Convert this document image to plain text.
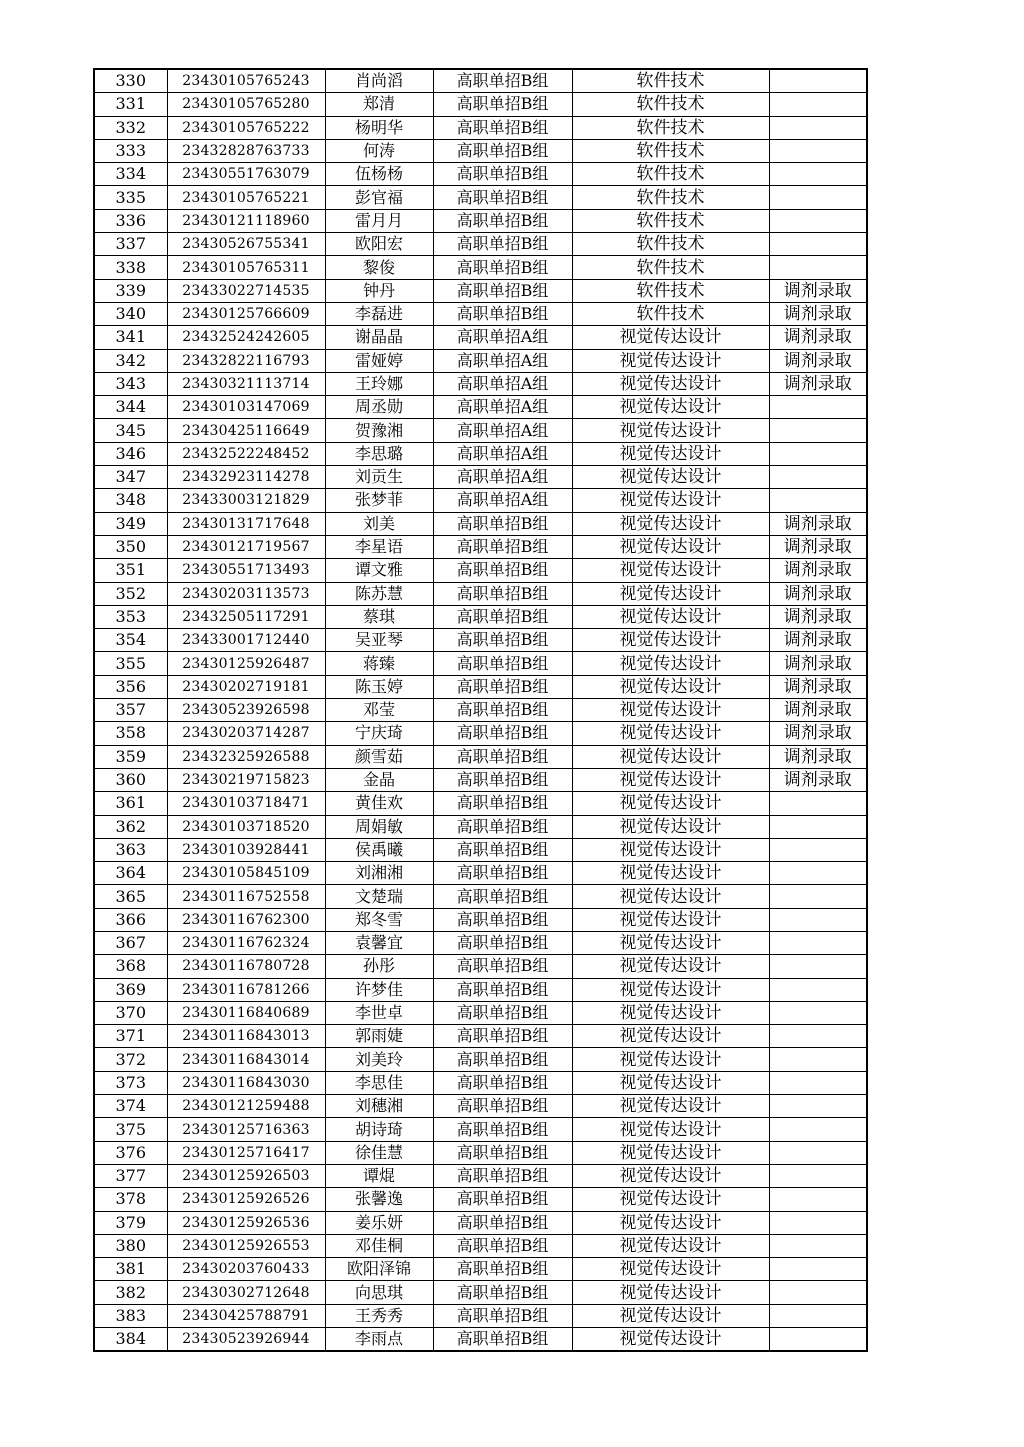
330	23430105765243	肖尚滔	高职单招B组	软件技术	
331	23430105765280	郑清	高职单招B组	软件技术	
332	23430105765222	杨明华	高职单招B组	软件技术	
333	23432828763733	何涛	高职单招B组	软件技术	
334	23430551763079	伍杨杨	高职单招B组	软件技术	
335	23430105765221	彭官福	高职单招B组	软件技术	
336	23430121118960	雷月月	高职单招B组	软件技术	
337	23430526755341	欧阳宏	高职单招B组	软件技术	
338	23430105765311	黎俊	高职单招B组	软件技术	
339	23433022714535	钟丹	高职单招B组	软件技术	调剂录取
340	23430125766609	李磊进	高职单招B组	软件技术	调剂录取
341	23432524242605	谢晶晶	高职单招A组	视觉传达设计	调剂录取
342	23432822116793	雷娅婷	高职单招A组	视觉传达设计	调剂录取
343	23430321113714	王玲娜	高职单招A组	视觉传达设计	调剂录取
344	23430103147069	周丞勋	高职单招A组	视觉传达设计	
345	23430425116649	贺豫湘	高职单招A组	视觉传达设计	
346	23432522248452	李思璐	高职单招A组	视觉传达设计	
347	23432923114278	刘贡生	高职单招A组	视觉传达设计	
348	23433003121829	张梦菲	高职单招A组	视觉传达设计	
349	23430131717648	刘美	高职单招B组	视觉传达设计	调剂录取
350	23430121719567	李星语	高职单招B组	视觉传达设计	调剂录取
351	23430551713493	谭文雅	高职单招B组	视觉传达设计	调剂录取
352	23430203113573	陈苏慧	高职单招B组	视觉传达设计	调剂录取
353	23432505117291	蔡琪	高职单招B组	视觉传达设计	调剂录取
354	23433001712440	吴亚琴	高职单招B组	视觉传达设计	调剂录取
355	23430125926487	蒋臻	高职单招B组	视觉传达设计	调剂录取
356	23430202719181	陈玉婷	高职单招B组	视觉传达设计	调剂录取
357	23430523926598	邓莹	高职单招B组	视觉传达设计	调剂录取
358	23430203714287	宁庆琦	高职单招B组	视觉传达设计	调剂录取
359	23432325926588	颜雪茹	高职单招B组	视觉传达设计	调剂录取
360	23430219715823	金晶	高职单招B组	视觉传达设计	调剂录取
361	23430103718471	黄佳欢	高职单招B组	视觉传达设计	
362	23430103718520	周娟敏	高职单招B组	视觉传达设计	
363	23430103928441	侯禹曦	高职单招B组	视觉传达设计	
364	23430105845109	刘湘湘	高职单招B组	视觉传达设计	
365	23430116752558	文楚瑞	高职单招B组	视觉传达设计	
366	23430116762300	郑冬雪	高职单招B组	视觉传达设计	
367	23430116762324	袁馨宜	高职单招B组	视觉传达设计	
368	23430116780728	孙彤	高职单招B组	视觉传达设计	
369	23430116781266	许梦佳	高职单招B组	视觉传达设计	
370	23430116840689	李世卓	高职单招B组	视觉传达设计	
371	23430116843013	郭雨婕	高职单招B组	视觉传达设计	
372	23430116843014	刘美玲	高职单招B组	视觉传达设计	
373	23430116843030	李思佳	高职单招B组	视觉传达设计	
374	23430121259488	刘穗湘	高职单招B组	视觉传达设计	
375	23430125716363	胡诗琦	高职单招B组	视觉传达设计	
376	23430125716417	徐佳慧	高职单招B组	视觉传达设计	
377	23430125926503	谭焜	高职单招B组	视觉传达设计	
378	23430125926526	张馨逸	高职单招B组	视觉传达设计	
379	23430125926536	姜乐妍	高职单招B组	视觉传达设计	
380	23430125926553	邓佳桐	高职单招B组	视觉传达设计	
381	23430203760433	欧阳泽锦	高职单招B组	视觉传达设计	
382	23430302712648	向思琪	高职单招B组	视觉传达设计	
383	23430425788791	王秀秀	高职单招B组	视觉传达设计	
384	23430523926944	李雨点	高职单招B组	视觉传达设计	
